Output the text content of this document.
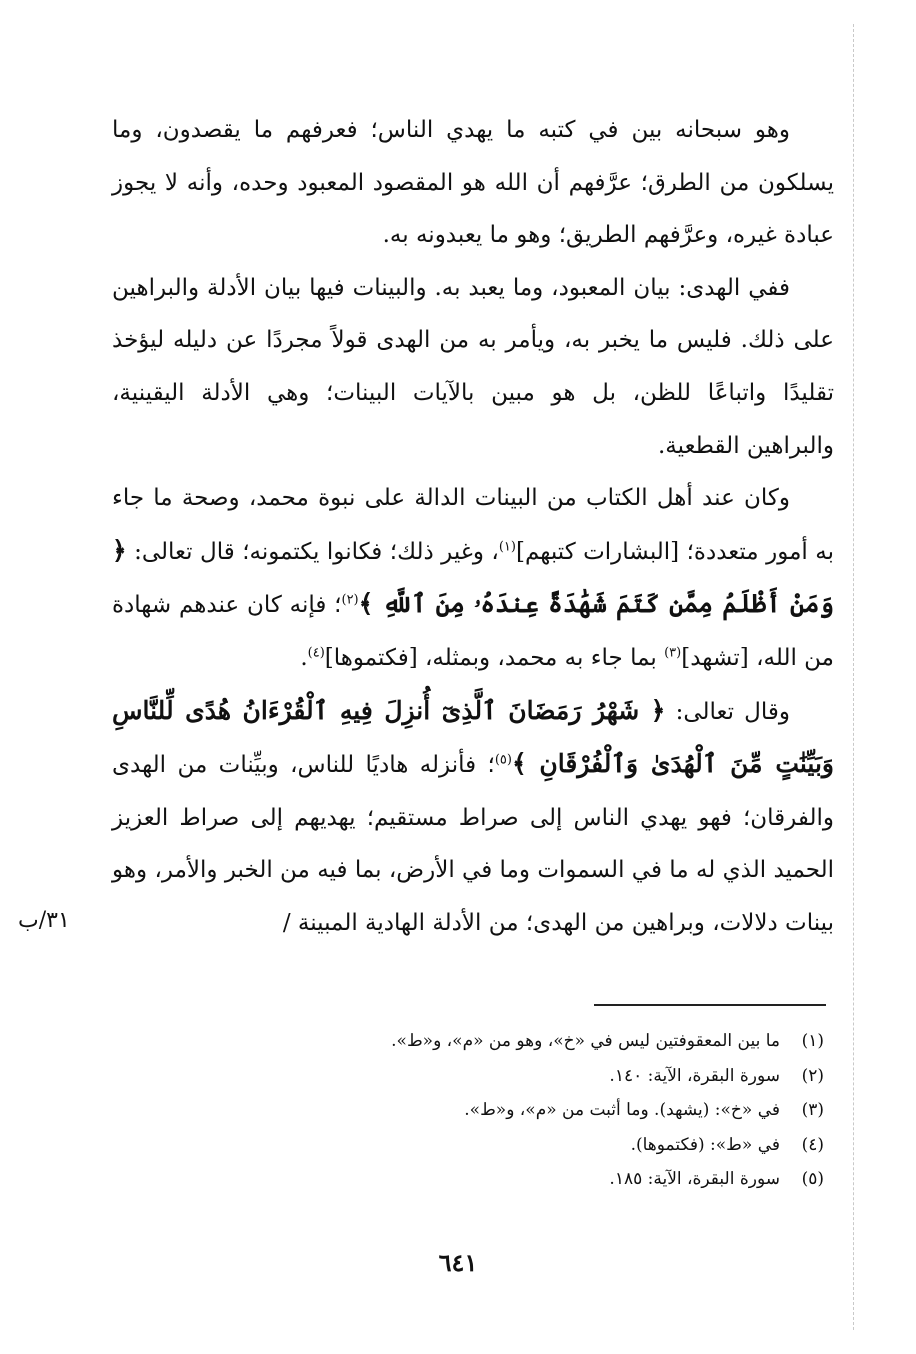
وهو سبحانه بين في كتبه ما يهدي الناس؛ فعرفهم ما يقصدون، وما يسلكون من الطرق؛ عرَّفهم أن الله هو المقصود المعبود وحده، وأنه لا يجوز عبادة غيره، وعرَّفهم الطريق؛ وهو ما يعبدونه به.

ففي الهدى: بيان المعبود، وما يعبد به. والبينات فيها بيان الأدلة والبراهين على ذلك. فليس ما يخبر به، ويأمر به من الهدى قولاً مجردًا عن دليله ليؤخذ تقليدًا واتباعًا للظن، بل هو مبين بالآيات البينات؛ وهي الأدلة اليقينية، والبراهين القطعية.

وكان عند أهل الكتاب من البينات الدالة على نبوة محمد، وصحة ما جاء به أمور متعددة؛ [البشارات كتبهم]$^{(١)}$، وغير ذلك؛ فكانوا يكتمونه؛ قال تعالى: ﴿ وَمَنْ أَظْلَمُ مِمَّن كَتَمَ شَهَٰدَةً عِندَهُۥ مِنَ ٱللَّهِ ﴾$^{(٢)}$؛ فإنه كان عندهم شهادة من الله، [تشهد]$^{(٣)}$ بما جاء به محمد، وبمثله، [فكتموها]$^{(٤)}$.

وقال تعالى: ﴿ شَهْرُ رَمَضَانَ ٱلَّذِىٓ أُنزِلَ فِيهِ ٱلْقُرْءَانُ هُدًى لِّلنَّاسِ وَبَيِّنَٰتٍ مِّنَ ٱلْهُدَىٰ وَٱلْفُرْقَانِ ﴾$^{(٥)}$؛ فأنزله هاديًا للناس، وبيِّنات من الهدى والفرقان؛ فهو يهدي الناس إلى صراط مستقيم؛ يهديهم إلى صراط العزيز الحميد الذي له ما في السموات وما في الأرض، بما فيه من الخبر والأمر، وهو بينات دلالات، وبراهين من الهدى؛ من الأدلة الهادية المبينة /

٣١/ب

(١)ما بين المعقوفتين ليس في «خ»، وهو من «م»، و«ط».

(٢)سورة البقرة، الآية: ١٤٠.

(٣)في «خ»: (يشهد). وما أثبت من «م»، و«ط».

(٤)في «ط»: (فكتموها).

(٥)سورة البقرة، الآية: ١٨٥.

٦٤١
